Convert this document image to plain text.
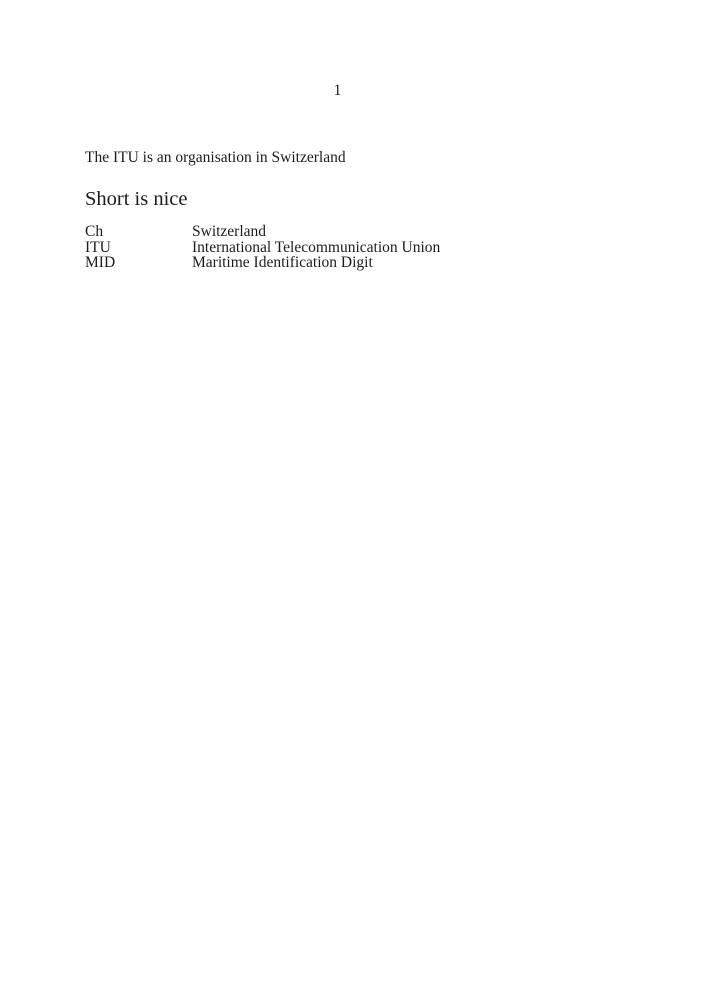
1

The ITU is an organisation in Switzerland

Short is nice
Ch	Switzerland
ITU	International Telecommunication Union
MID	Maritime Identification Digit
